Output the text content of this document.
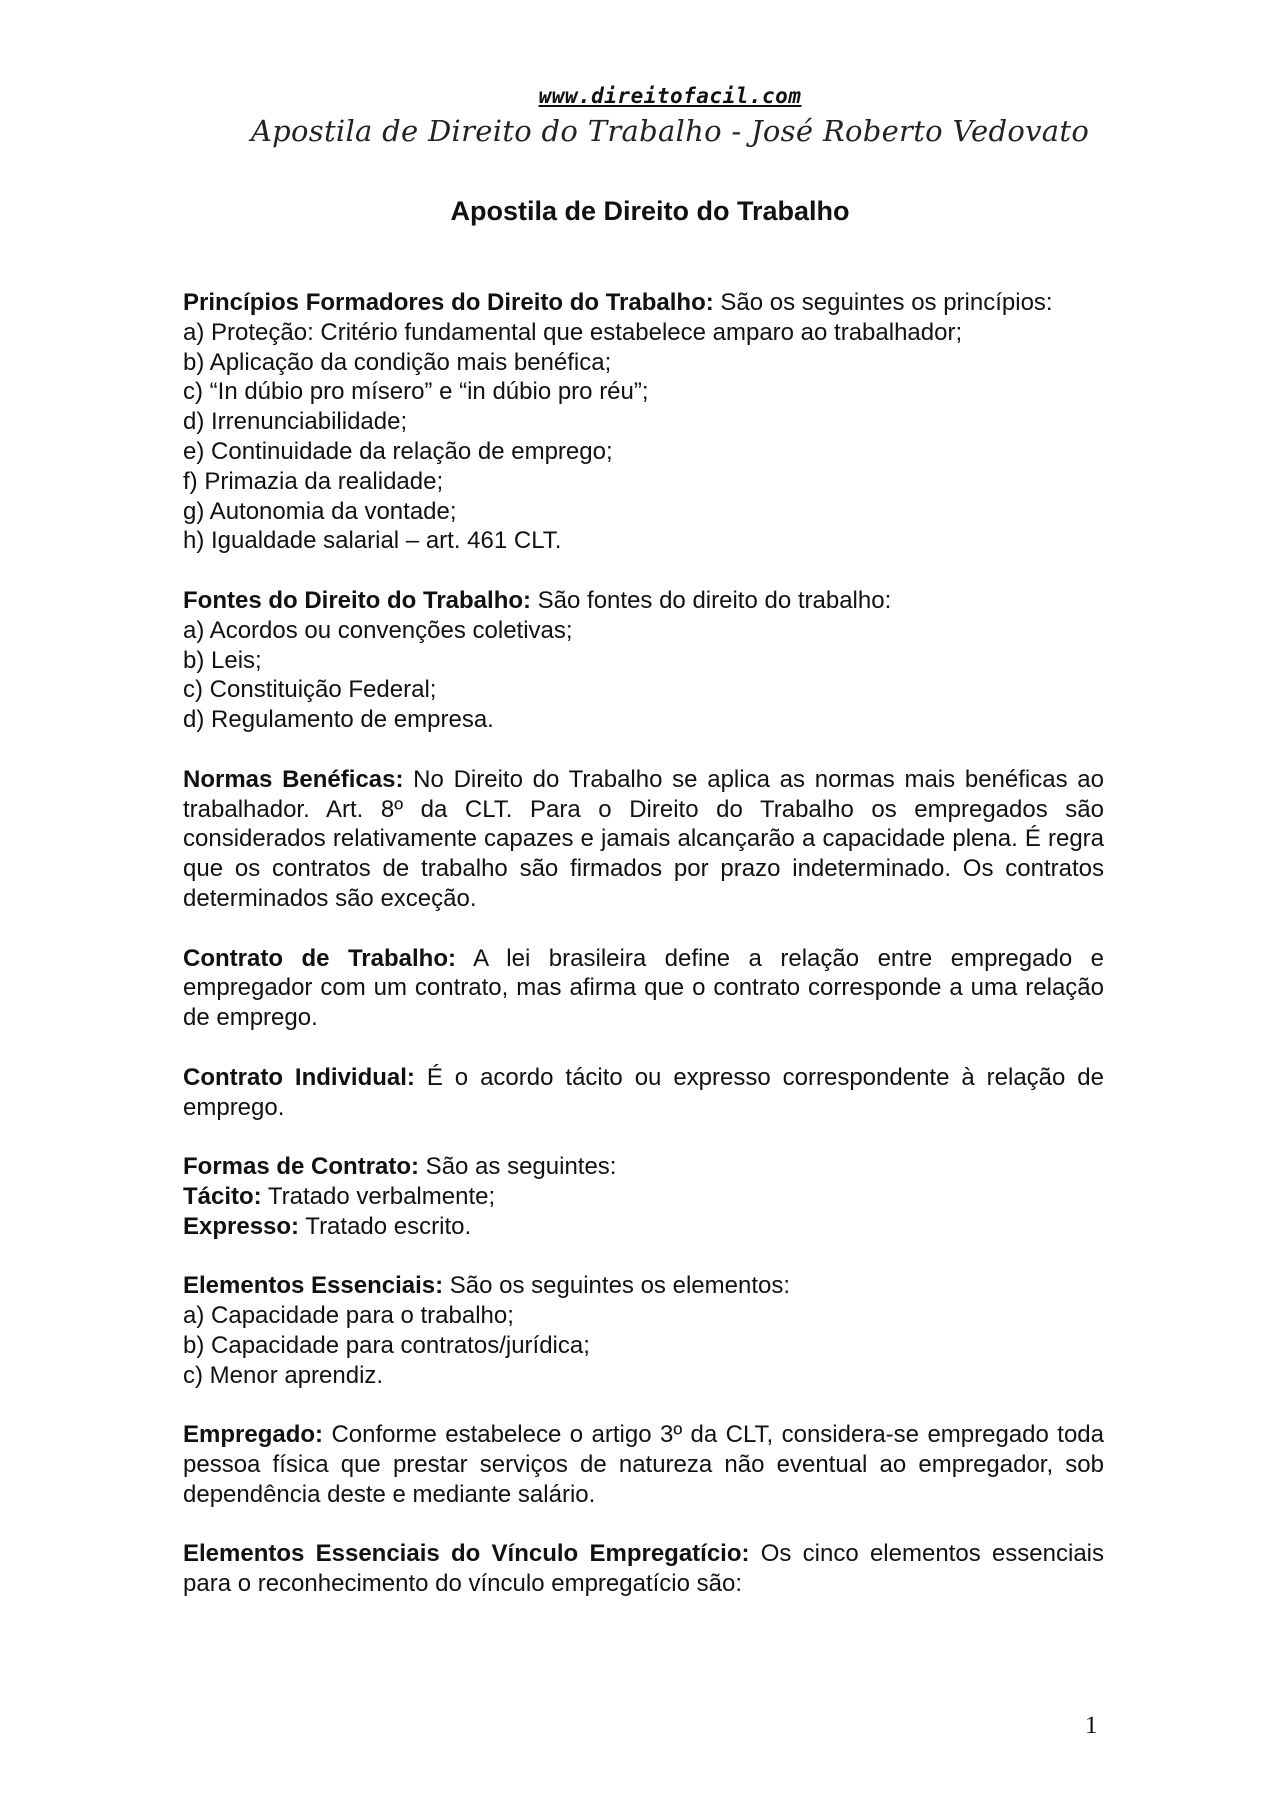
www.direitofacil.com
Apostila de Direito do Trabalho - José Roberto Vedovato
Apostila de Direito do Trabalho
Princípios Formadores do Direito do Trabalho: São os seguintes os princípios:
a) Proteção: Critério fundamental que estabelece amparo ao trabalhador;
b) Aplicação da condição mais benéfica;
c) “In dúbio pro mísero” e “in dúbio pro réu”;
d) Irrenunciabilidade;
e) Continuidade da relação de emprego;
f) Primazia da realidade;
g) Autonomia da vontade;
h) Igualdade salarial – art. 461 CLT.
Fontes do Direito do Trabalho: São fontes do direito do trabalho:
a) Acordos ou convenções coletivas;
b) Leis;
c) Constituição Federal;
d) Regulamento de empresa.
Normas Benéficas: No Direito do Trabalho se aplica as normas mais benéficas ao trabalhador. Art. 8º da CLT. Para o Direito do Trabalho os empregados são considerados relativamente capazes e jamais alcançarão a capacidade plena. É regra que os contratos de trabalho são firmados por prazo indeterminado. Os contratos determinados são exceção.
Contrato de Trabalho: A lei brasileira define a relação entre empregado e empregador com um contrato, mas afirma que o contrato corresponde a uma relação de emprego.
Contrato Individual: É o acordo tácito ou expresso correspondente à relação de emprego.
Formas de Contrato: São as seguintes:
Tácito: Tratado verbalmente;
Expresso: Tratado escrito.
Elementos Essenciais: São os seguintes os elementos:
a) Capacidade para o trabalho;
b) Capacidade para contratos/jurídica;
c) Menor aprendiz.
Empregado: Conforme estabelece o artigo 3º da CLT, considera-se empregado toda pessoa física que prestar serviços de natureza não eventual ao empregador, sob dependência deste e mediante salário.
Elementos Essenciais do Vínculo Empregatício: Os cinco elementos essenciais para o reconhecimento do vínculo empregatício são:
1
